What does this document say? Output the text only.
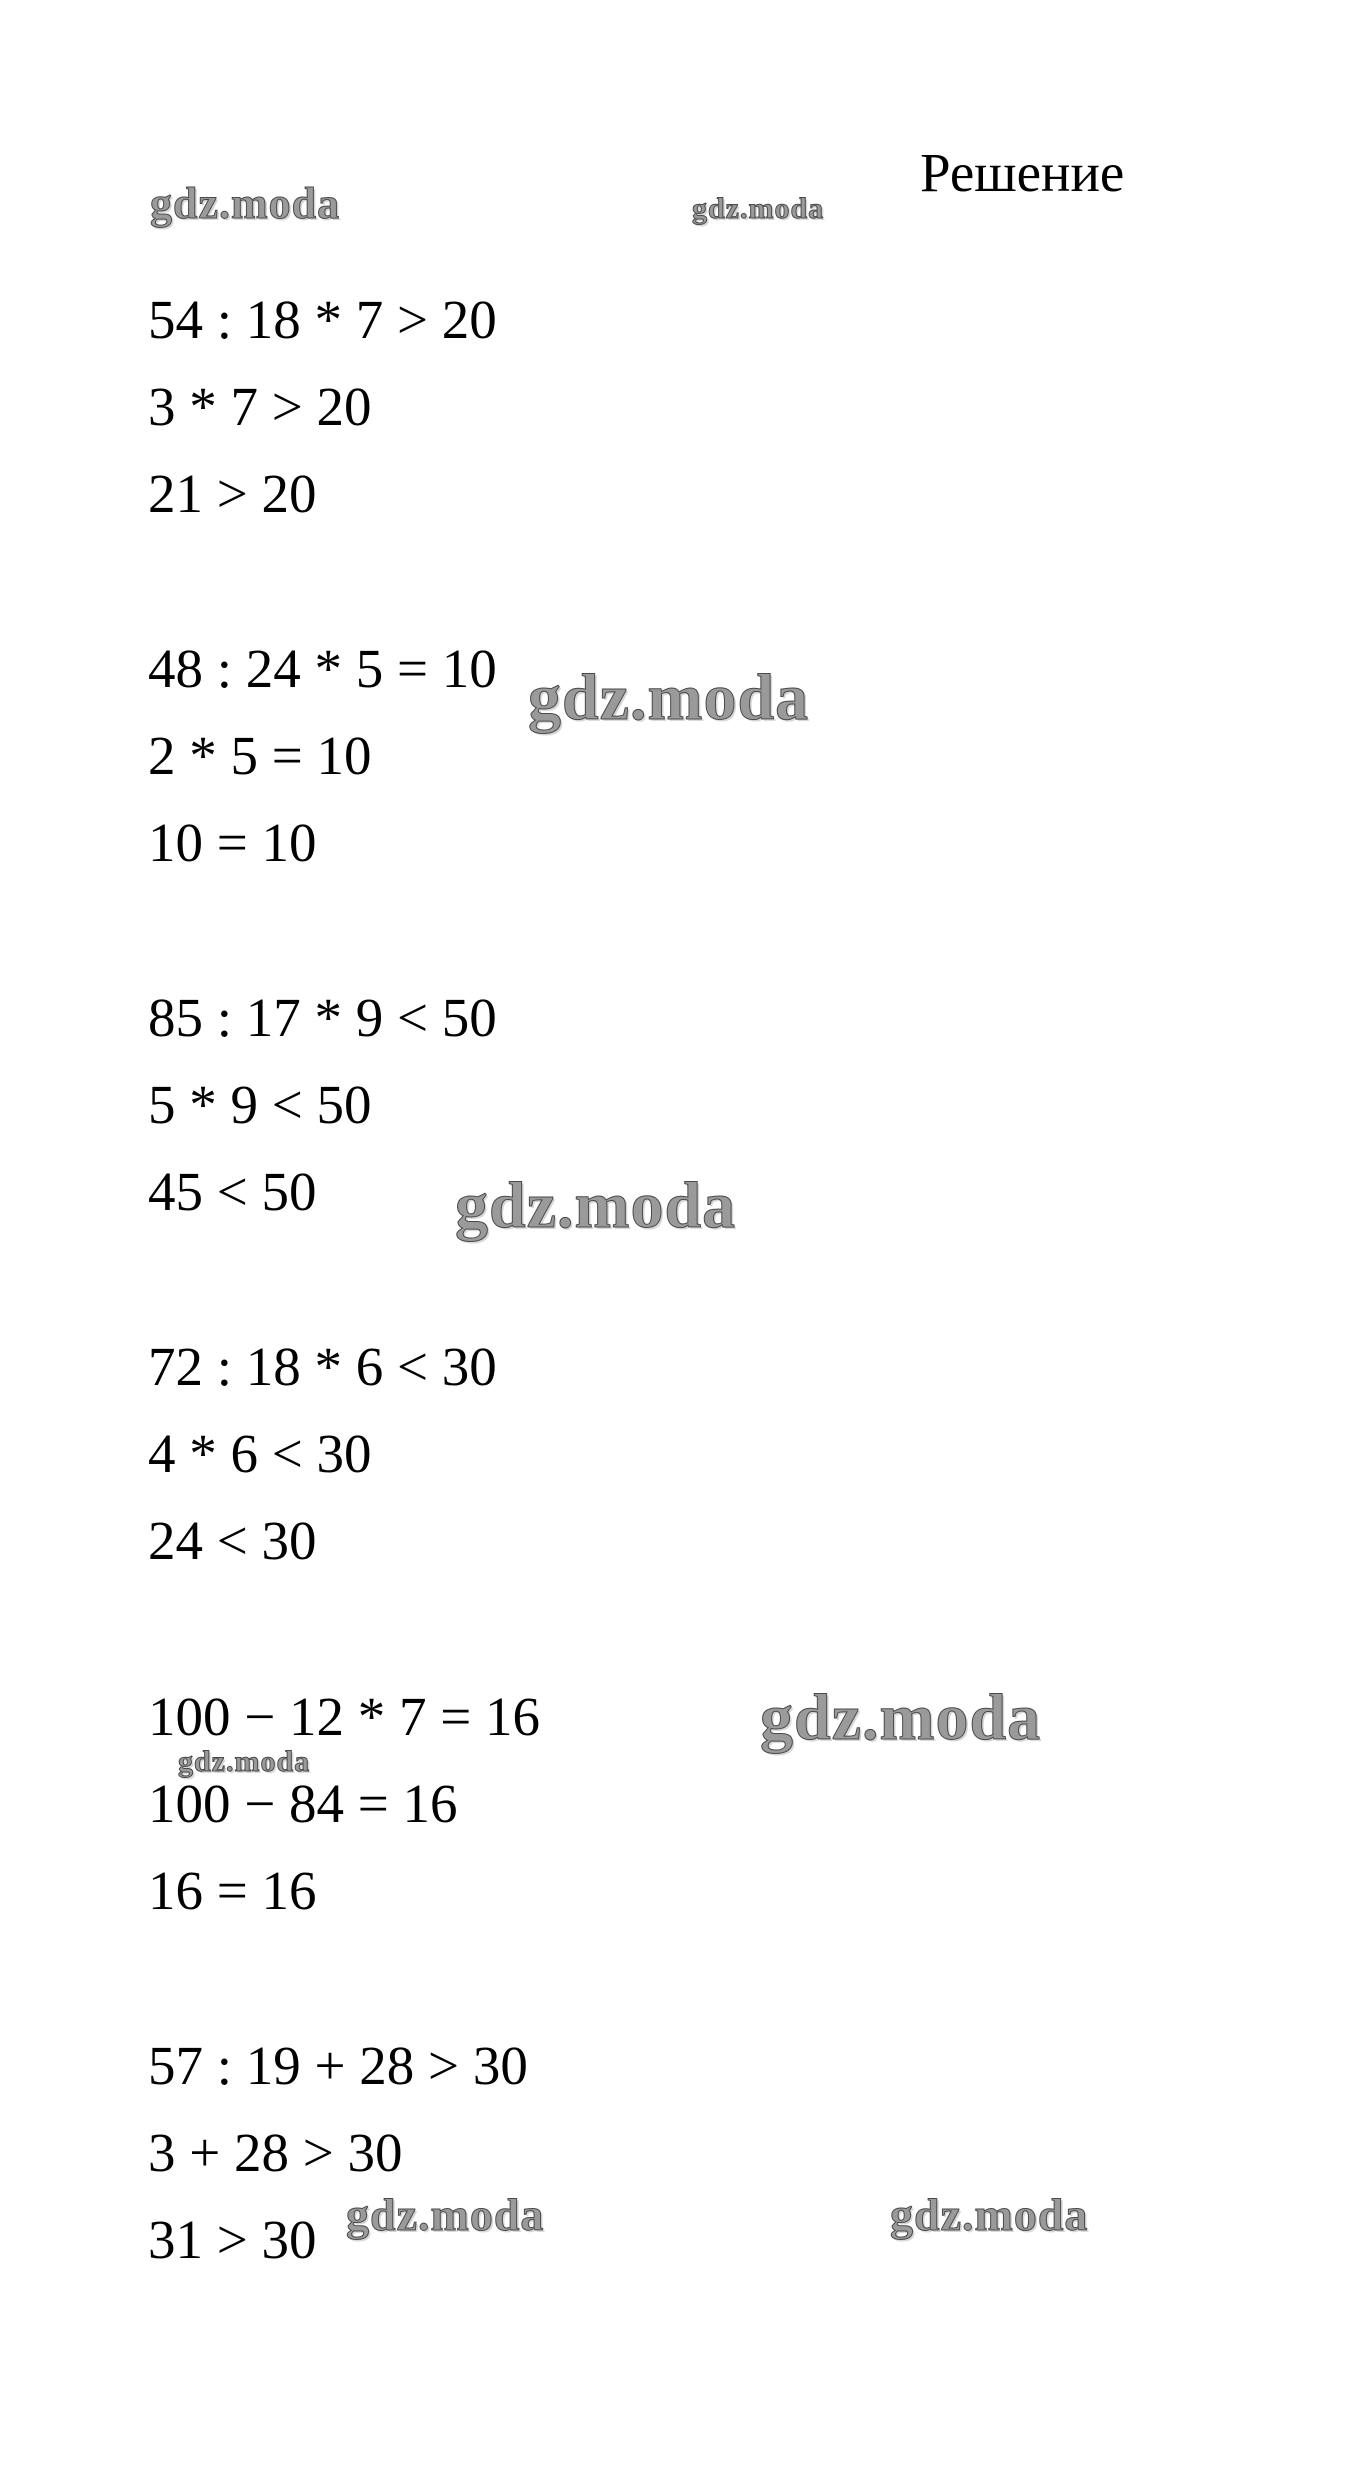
Решение
54 : 18 * 7 > 20
3 * 7 > 20
21 > 20
48 : 24 * 5 = 10
2 * 5 = 10
10 = 10
85 : 17 * 9 < 50
5 * 9 < 50
45 < 50
72 : 18 * 6 < 30
4 * 6 < 30
24 < 30
100 − 12 * 7 = 16
100 − 84 = 16
16 = 16
57 : 19 + 28 > 30
3 + 28 > 30
31 > 30
gdz.moda	gdz.moda
gdz.moda
gdz.moda
gdz.moda
gdz.moda
gdz.moda	gdz.moda
